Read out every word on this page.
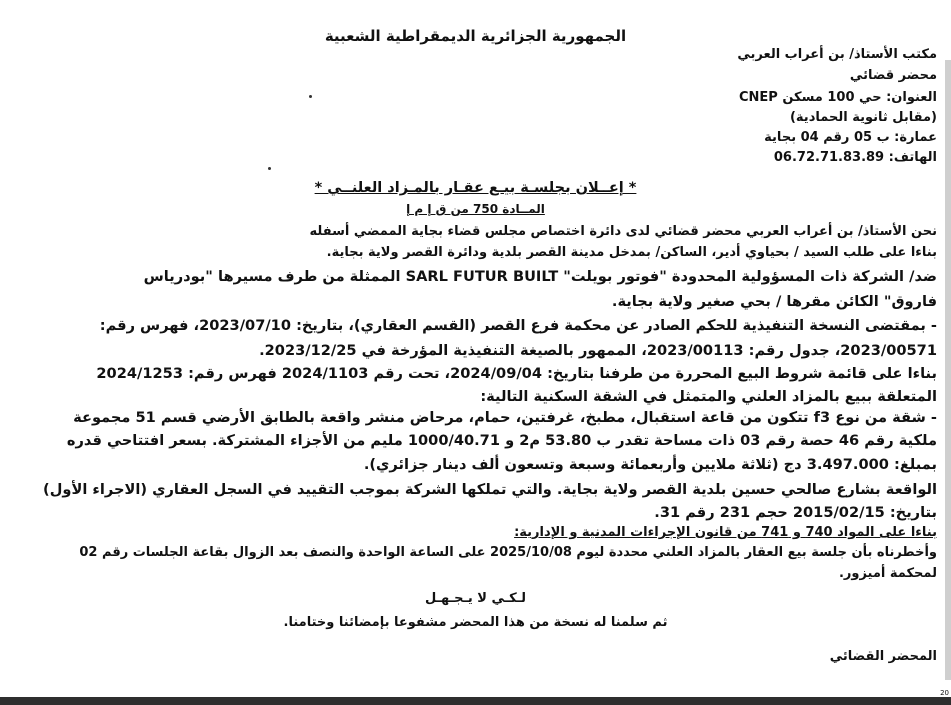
الجمهورية الجزائرية الديمقراطية الشعبية
مكتب الأستاذ/ بن أعراب العربي
محضر قضائي
العنوان: حي 100 مسكن CNEP
(مقابل ثانوية الحمادية)
عمارة: ب 05 رقم 04 بجاية
الهاتف: 06.72.71.83.89
* إعــلان بجلسـة بيـع عقـار بالمـزاد العلنــي *
المــادة 750 من ق إ م إ
نحن الأستاذ/ بن أعراب العربي محضر قضائي لدى دائرة اختصاص مجلس قضاء بجاية الممضي أسفله
بناءا على طلب السيد / بحياوي أدير، الساكن/ بمدخل مدينة القصر بلدية ودائرة القصر ولاية بجاية.
ضد/ الشركة ذات المسؤولية المحدودة "فوتور بويلت" SARL FUTUR BUILT الممثلة من طرف مسيرها "بودرياس
فاروق" الكائن مقرها / بحي صغير ولاية بجاية.
- بمقتضى النسخة التنفيذية للحكم الصادر عن محكمة فرع القصر (القسم العقاري)، بتاريخ: 2023/07/10، فهرس رقم:
2023/00571، جدول رقم: 2023/00113، الممهور بالصيغة التنفيذية المؤرخة في 2023/12/25.
بناءا على قائمة شروط البيع المحررة من طرفنا بتاريخ: 2024/09/04، تحت رقم 2024/1103 فهرس رقم: 2024/1253
المتعلقة ببيع بالمزاد العلني والمتمثل في الشقة السكنية التالية:
- شقة من نوع f3 تتكون من قاعة استقبال، مطبخ، غرفتين، حمام، مرحاض منشر واقعة بالطابق الأرضي قسم 51 مجموعة
ملكية رقم 46 حصة رقم 03 ذات مساحة تقدر ب 53.80 م2 و 1000/40.71 مليم من الأجزاء المشتركة. بسعر افتتاحي قدره
بمبلغ: 3.497.000 دج (ثلاثة ملايين وأربعمائة وسبعة وتسعون ألف دينار جزائري).
الواقعة بشارع صالحي حسين بلدية القصر ولاية بجاية. والتي تملكها الشركة بموجب التقييد في السجل العقاري (الاجراء الأول)
بتاريخ: 2015/02/15 حجم 231 رقم 31.
بناءا على المواد 740 و 741 من قانون الإجراءات المدنية و الإدارية:
وأخطرناه بأن جلسة بيع العقار بالمزاد العلني محددة ليوم 2025/10/08 على الساعة الواحدة والنصف بعد الزوال بقاعة الجلسات رقم 02
لمحكمة أميزور.
لـكـي لا يـجـهـل
ثم سلمنا له نسخة من هذا المحضر مشفوعا بإمضائنا وختامنا.
المحضر القضائي
20
